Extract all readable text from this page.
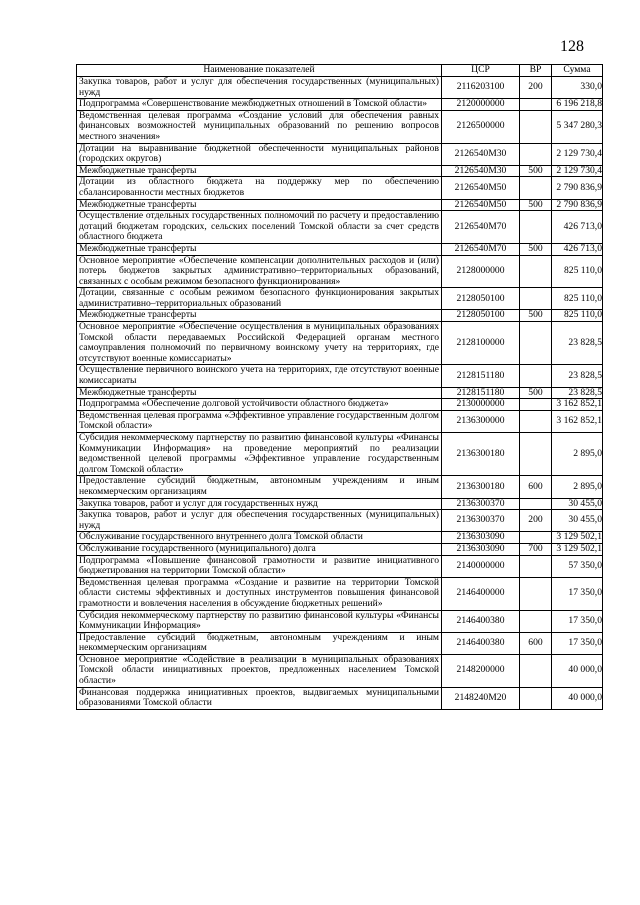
128
Наименование показателей	ЦСР	ВР	Сумма
Закупка товаров, работ и услуг для обеспечения государственных (муниципальных) нужд	2116203100	200	330,0
Подпрограмма «Совершенствование межбюджетных отношений в Томской области»	2120000000		6 196 218,8
Ведомственная целевая программа «Создание условий для обеспечения равных финансовых возможностей муниципальных образований по решению вопросов местного значения»	2126500000		5 347 280,3
Дотации на выравнивание бюджетной обеспеченности муниципальных районов (городских округов)	2126540М30		2 129 730,4
Межбюджетные трансферты	2126540М30	500	2 129 730,4
Дотации из областного бюджета на поддержку мер по обеспечению сбалансированности местных бюджетов	2126540М50		2 790 836,9
Межбюджетные трансферты	2126540М50	500	2 790 836,9
Осуществление отдельных государственных полномочий по расчету и предоставлению дотаций бюджетам городских, сельских поселений Томской области за счет средств областного бюджета	2126540М70		426 713,0
Межбюджетные трансферты	2126540М70	500	426 713,0
Основное мероприятие «Обеспечение компенсации дополнительных расходов и (или) потерь бюджетов закрытых административно–территориальных образований, связанных с особым режимом безопасного функционирования»	2128000000		825 110,0
Дотации, связанные с особым режимом безопасного функционирования закрытых административно–территориальных образований	2128050100		825 110,0
Межбюджетные трансферты	2128050100	500	825 110,0
Основное мероприятие «Обеспечение осуществления в муниципальных образованиях Томской области передаваемых Российской Федерацией органам местного самоуправления полномочий по первичному воинскому учету на территориях, где отсутствуют военные комиссариаты»	2128100000		23 828,5
Осуществление первичного воинского учета на территориях, где отсутствуют военные комиссариаты	2128151180		23 828,5
Межбюджетные трансферты	2128151180	500	23 828,5
Подпрограмма «Обеспечение долговой устойчивости областного бюджета»	2130000000		3 162 852,1
Ведомственная целевая программа «Эффективное управление государственным долгом Томской области»	2136300000		3 162 852,1
Субсидия некоммерческому партнерству по развитию финансовой культуры «Финансы Коммуникации Информация» на проведение мероприятий по реализации ведомственной целевой программы «Эффективное управление государственным долгом Томской области»	2136300180		2 895,0
Предоставление субсидий бюджетным, автономным учреждениям и иным некоммерческим организациям	2136300180	600	2 895,0
Закупка товаров, работ и услуг для государственных нужд	2136300370		30 455,0
Закупка товаров, работ и услуг для обеспечения государственных (муниципальных) нужд	2136300370	200	30 455,0
Обслуживание государственного внутреннего долга Томской области	2136303090		3 129 502,1
Обслуживание государственного (муниципального) долга	2136303090	700	3 129 502,1
Подпрограмма «Повышение финансовой грамотности и развитие инициативного бюджетирования на территории Томской области»	2140000000		57 350,0
Ведомственная целевая программа «Создание и развитие на территории Томской области системы эффективных и доступных инструментов повышения финансовой грамотности и вовлечения населения в обсуждение бюджетных решений»	2146400000		17 350,0
Субсидия некоммерческому партнерству по развитию финансовой культуры «Финансы Коммуникации Информация»	2146400380		17 350,0
Предоставление субсидий бюджетным, автономным учреждениям и иным некоммерческим организациям	2146400380	600	17 350,0
Основное мероприятие «Содействие в реализации в муниципальных образованиях Томской области инициативных проектов, предложенных населением Томской области»	2148200000		40 000,0
Финансовая поддержка инициативных проектов, выдвигаемых муниципальными образованиями Томской области	2148240М20		40 000,0
